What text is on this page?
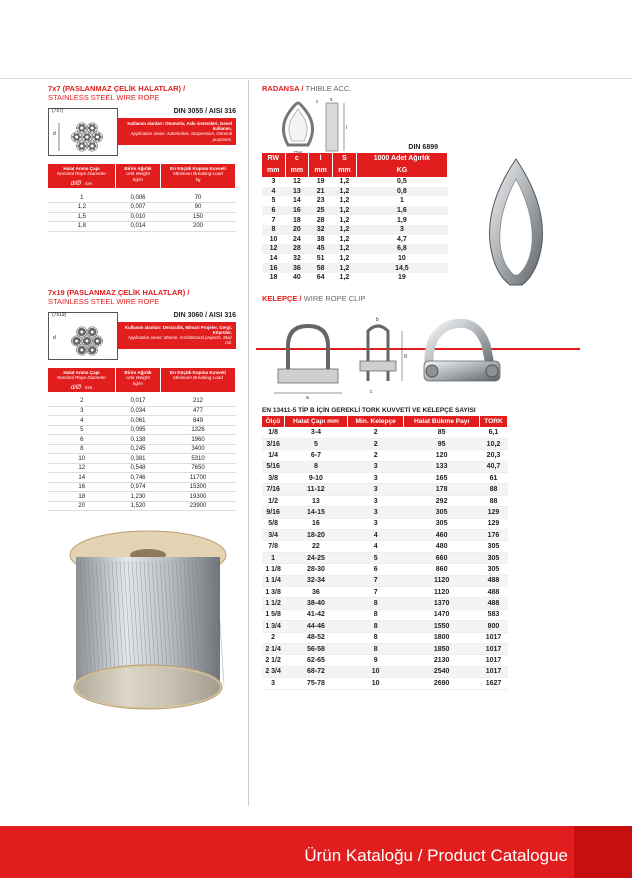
7x7 (PASLANMAZ ÇELİK HALATLAR) /
STAINLESS STEEL WIRE ROPE
(7x7)
d
DIN 3055 / AISI 316
Kullanım alanları: Otomotiv, Askı sistemleri, Genel kullanım.
Application areas: Automotive, Suspension, General purposes.
Halat Anma Çapı
Nominal Rope Diameter	Birim Ağırlık
Unit Weight
kg/m	En Küçük Kopma Kuvveti
Minimum Breaking Load
kg

d/Ø mm		

1	0,006	70
1,2	0,007	90
1,5	0,010	150
1,8	0,014	200
7x19 (PASLANMAZ ÇELİK HALATLAR) /
STAINLESS STEEL WIRE ROPE
(7x19)
d
DIN 3060 / AISI 316
Kullanım alanları: Denizcilik, Mimari Projeler, Gergi, Köprüler.
Application areas: Marine, Architectural projects, Stair rail.
Halat Anma Çapı
Nominal Rope Diameter	Birim Ağırlık
Unit Weight
kg/m	En Küçük Kopma Kuvveti
Minimum Breaking Load

d/Ø mm		

2	0,017	212
3	0,034	477
4	0,061	849
5	0,095	1326
6	0,138	1960
8	0,245	3400
10	0,381	5310
12	0,548	7650
14	0,746	11700
16	0,974	15300
18	1,230	19300
20	1,520	23900
RADANSA / THIBLE ACC.
c
l
s
DIN 6899
RW	c	l	S	1000 Adet Ağırlık
mm	mm	mm	mm	KG
3	12	19	1,2	0,5
4	13	21	1,2	0,8
5	14	23	1,2	1
6	16	25	1,2	1,6
7	18	28	1,2	1,9
8	20	32	1,2	3
10	24	38	1,2	4,7
12	28	45	1,2	6,8
14	32	51	1,2	10
16	36	58	1,2	14,5
18	40	64	1,2	19
KELEPÇE / WIRE ROPE CLIP
a
g
b
c
EN 13411-5 TİP B İÇİN GEREKLİ TORK KUVVETİ VE KELEPÇE SAYISI
Ölçü	Halat Çapı mm	Min. Kelepçe	Halat Bükme Payı	TORK
1/8	3-4	2	85	6,1
3/16	5	2	95	10,2
1/4	6-7	2	120	20,3
5/16	8	3	133	40,7
3/8	9-10	3	165	61
7/16	11-12	3	178	88
1/2	13	3	292	88
9/16	14-15	3	305	129
5/8	16	3	305	129
3/4	18-20	4	460	176
7/8	22	4	480	305
1	24-25	5	660	305
1 1/8	28-30	6	860	305
1 1/4	32-34	7	1120	488
1 3/8	36	7	1120	488
1 1/2	38-40	8	1370	488
1 5/8	41-42	8	1470	583
1 3/4	44-46	8	1550	800
2	48-52	8	1800	1017
2 1/4	56-58	8	1850	1017
2 1/2	62-65	9	2130	1017
2 3/4	68-72	10	2540	1017
3	75-78	10	2690	1627
Ürün Kataloğu / Product Catalogue
